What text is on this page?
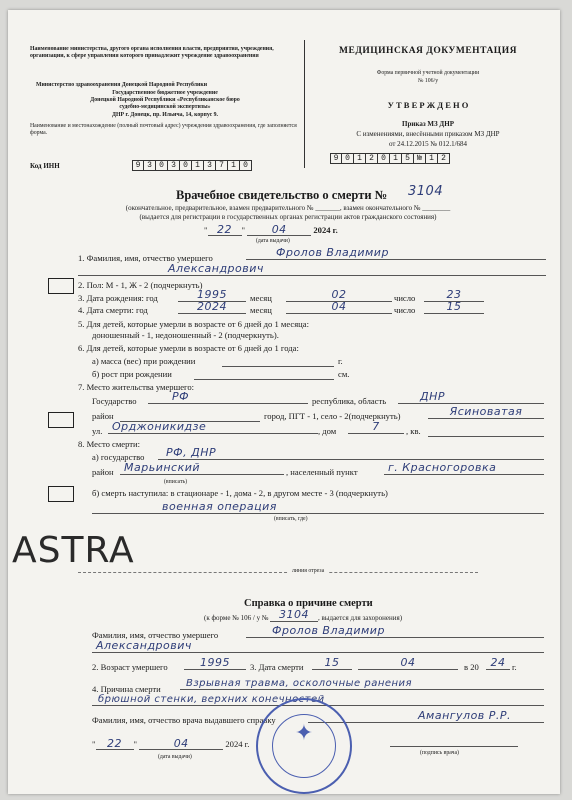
Наименование министерства, другого органа исполнения власти, предприятия, учреждения, организации, к сфере управления которого принадлежит учреждение здравоохранения
Министерство здравоохранения Донецкой Народной Республики
Государственное бюджетное учреждение
Донецкой Народной Республики «Республиканское бюро
судебно-медицинской экспертизы»
ДНР г. Донецк, пр. Ильича, 14, корпус 9.
Наименование и местонахождение (полный почтовый адрес) учреждения здравоохранения, где заполняется форма.
Код ИНН	9 3 0 3 0 1 3 7 1 0
МЕДИЦИНСКАЯ ДОКУМЕНТАЦИЯ
Форма первичной учетной документации
№ 106/у
У Т В Е Р Ж Д Е Н О
Приказ МЗ ДНР
С изменениями, внесёнными приказом МЗ ДНР
от 24.12.2015 № 012.1/684
9 0 1 2 0 1 5 № 1 2
Врачебное свидетельство о смерти № 3104
(окончательное, предварительное, взамен предварительного № _______, взамен окончательного № ________
(выдается для регистрации в государственных органах регистрации актов гражданского состояния)
" 22 " 04	2024 г.
(дата выдачи)
1. Фамилия, имя, отчество умершего	Фролов Владимир
Александрович
2. Пол: М - 1, Ж - 2 (подчеркнуть)
3. Дата рождения: год	1995	месяц	02	число	23
4. Дата смерти: год	2024	месяц	04	число	15
5. Для детей, которые умерли в возрасте от 6 дней до 1 месяца:
доношенный - 1, недоношенный - 2 (подчеркнуть).
6. Для детей, которые умерли в возрасте от 6 дней до 1 года:
а) масса (вес) при рождении	г.
б) рост при рождении	см.
7. Место жительства умершего:
Государство	РФ	республика, область	ДНР
район	город, ПГТ - 1, село - 2(подчеркнуть)	Ясиноватая
ул. Орджоникидзе	, дом	7	, кв.
8. Место смерти:
а) государство	РФ, ДНР
район Марьинский	, населенный пункт	г. Красногоровка
(вписать)
б) смерть наступила: в стационаре - 1, дома - 2, в другом месте - 3 (подчеркнуть)
военная операция
(вписать, где)
ASTRA	линия отреза
Справка о причине смерти
(к форме № 106 / у № 3104	, выдается для захоронения)
Фамилия, имя, отчество умершего	Фролов Владимир
Александрович
2. Возраст умершего	1995	3. Дата смерти	15	04	в 20	24 г.
4. Причина смерти	Взрывная травма, осколочные ранения
брюшной стенки, верхних конечностей
Фамилия, имя, отчество врача выдавшего справку	Амангулов Р.Р.
" 22 "	04	2024 г.
(дата выдачи)
(подпись врача)
✦
